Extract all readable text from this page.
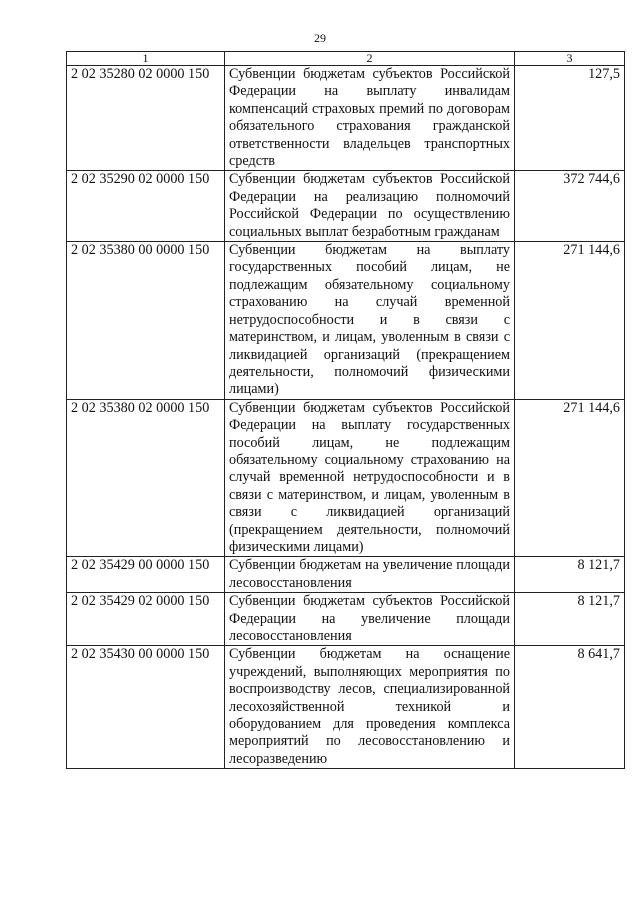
29
1	2	3
2 02 35280 02 0000 150	Субвенции бюджетам субъектов Российской Федерации на выплату инвалидам компенсаций страховых премий по договорам обязательного страхования гражданской ответственности владельцев транспортных средств	127,5
2 02 35290 02 0000 150	Субвенции бюджетам субъектов Российской Федерации на реализацию полномочий Российской Федерации по осуществлению социальных выплат безработным гражданам	372 744,6
2 02 35380 00 0000 150	Субвенции бюджетам на выплату государственных пособий лицам, не подлежащим обязательному социальному страхованию на случай временной нетрудоспособности и в связи с материнством, и лицам, уволенным в связи с ликвидацией организаций (прекращением деятельности, полномочий физическими лицами)	271 144,6
2 02 35380 02 0000 150	Субвенции бюджетам субъектов Российской Федерации на выплату государственных пособий лицам, не подлежащим обязательному социальному страхованию на случай временной нетрудоспособности и в связи с материнством, и лицам, уволенным в связи с ликвидацией организаций (прекращением деятельности, полномочий физическими лицами)	271 144,6
2 02 35429 00 0000 150	Субвенции бюджетам на увеличение площади лесовосстановления	8 121,7
2 02 35429 02 0000 150	Субвенции бюджетам субъектов Российской Федерации на увеличение площади лесовосстановления	8 121,7
2 02 35430 00 0000 150	Субвенции бюджетам на оснащение учреждений, выполняющих мероприятия по воспроизводству лесов, специализированной лесохозяйственной техникой и оборудованием для проведения комплекса мероприятий по лесовосстановлению и лесоразведению	8 641,7
